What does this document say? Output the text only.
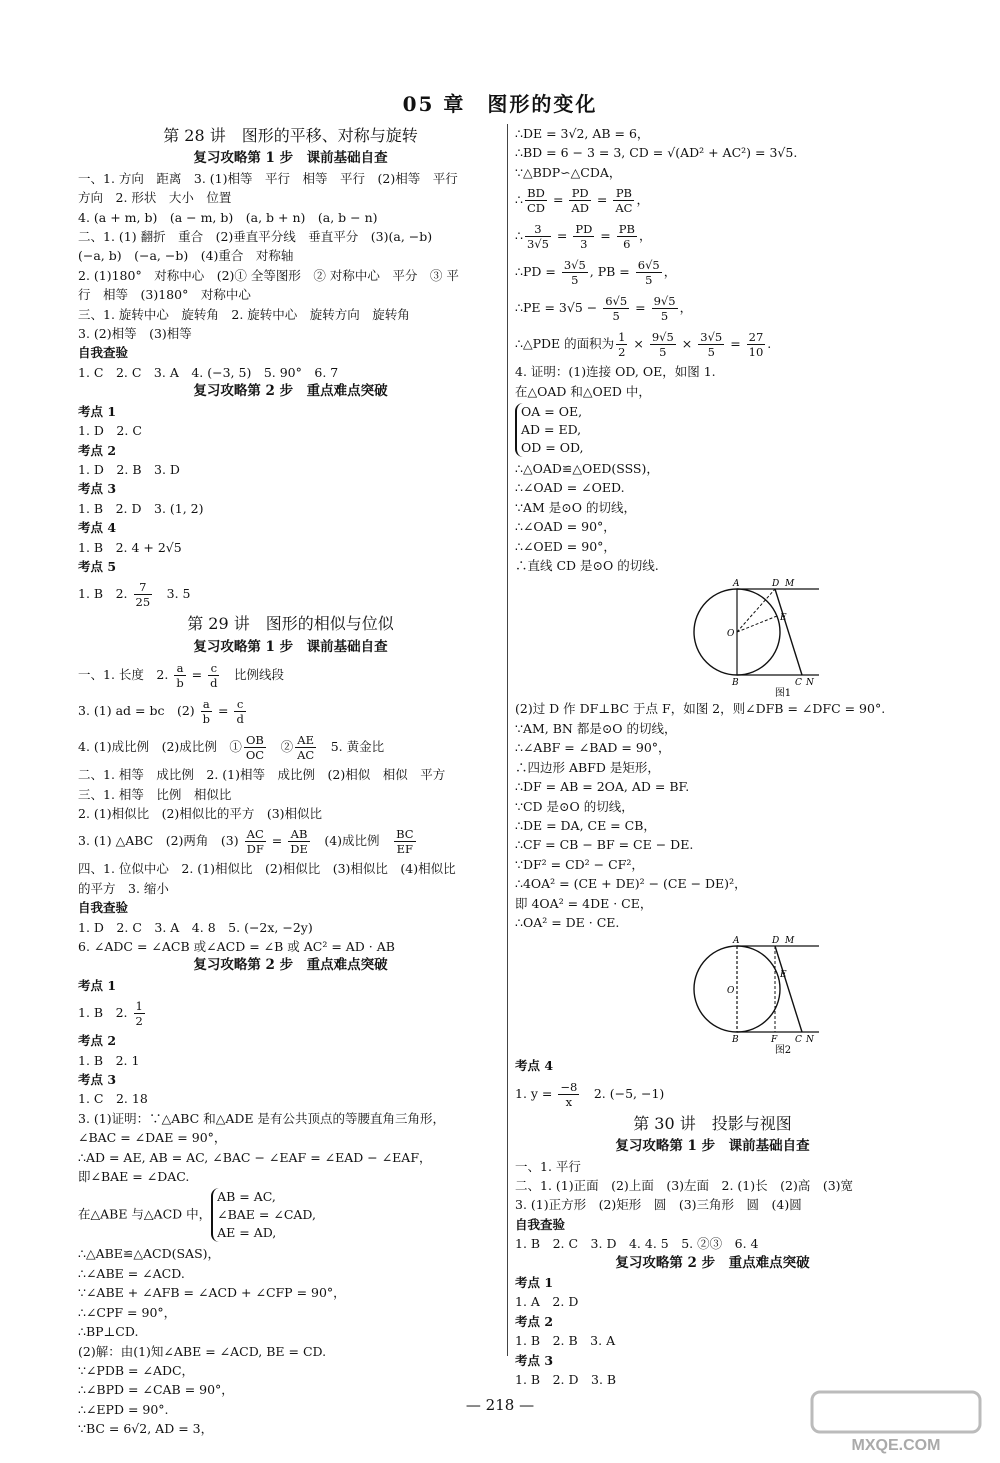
05 章　图形的变化
第 28 讲　图形的平移、对称与旋转
复习攻略第 1 步　课前基础自查
一、1. 方向　距离　3. (1)相等　平行　相等　平行　(2)相等　平行
方向　2. 形状　大小　位置
4. (a + m, b)　(a − m, b)　(a, b + n)　(a, b − n)
二、1. (1) 翻折　重合　(2)垂直平分线　垂直平分　(3)(a, −b)
(−a, b)　(−a, −b)　(4)重合　对称轴
2. (1)180°　对称中心　(2)① 全等图形　② 对称中心　平分　③ 平
行　相等　(3)180°　对称中心
三、1. 旋转中心　旋转角　2. 旋转中心　旋转方向　旋转角
3. (2)相等　(3)相等
自我查验
1. C　2. C　3. A　4. (−3, 5)　5. 90°　6. 7
复习攻略第 2 步　重点难点突破
考点 1
1. D　2. C
考点 2
1. D　2. B　3. D
考点 3
1. B　2. D　3. (1, 2)
考点 4
1. B　2. 4 + 2√5
考点 5
1. B　2. $\frac{7}{25}$ 　3. 5
第 29 讲　图形的相似与位似
复习攻略第 1 步　课前基础自查
一、1. 长度　2. $\frac{a}{b} = \frac{c}{d}$ 　比例线段
3. (1) ad = bc　$(2) \frac{a}{b} = \frac{c}{d}$
4. (1)成比例　(2)成比例　① $\frac{OB}{OC}$ 　② $\frac{AE}{AC}$ 　5. 黄金比
二、1. 相等　成比例　2. (1)相等　成比例　(2)相似　相似　平方
三、1. 相等　比例　相似比
2. (1)相似比　(2)相似比的平方　(3)相似比
3. (1) △ABC　(2)两角　$(3) \frac{AC}{DF} = \frac{AB}{DE}$ 　(4)成比例　 $\frac{BC}{EF}$
四、1. 位似中心　2. (1)相似比　(2)相似比　(3)相似比　(4)相似比
的平方　3. 缩小
自我查验
1. D　2. C　3. A　4. 8　5. (−2x, −2y)
6. ∠ADC = ∠ACB 或∠ACD = ∠B 或 AC² = AD · AB
复习攻略第 2 步　重点难点突破
考点 1
1. B　2. $\frac{1}{2}$
考点 2
1. B　2. 1
考点 3
1. C　2. 18
3. (1)证明：∵△ABC 和△ADE 是有公共顶点的等腰直角三角形，
∠BAC = ∠DAE = 90°，
∴AD = AE, AB = AC, ∠BAC − ∠EAF = ∠EAD − ∠EAF，
即∠BAE = ∠DAC.
在△ABE 与△ACD 中，
AB = AC,
∠BAE = ∠CAD,
AE = AD,
∴△ABE≌△ACD(SAS)，
∴∠ABE = ∠ACD.
∵∠ABE + ∠AFB = ∠ACD + ∠CFP = 90°，
∴∠CPF = 90°，
∴BP⊥CD.
(2)解：由(1)知∠ABE = ∠ACD, BE = CD.
∵∠PDB = ∠ADC，
∴∠BPD = ∠CAB = 90°，
∴∠EPD = 90°.
∵BC = 6√2, AD = 3，
∴DE = 3√2, AB = 6，
∴BD = 6 − 3 = 3, CD = √(AD² + AC²) = 3√5.
∵△BDP∽△CDA，
∴ $\frac{BD}{CD} = \frac{PD}{AD} = \frac{PB}{AC}$ ，
∴ $\frac{3}{3√5} = \frac{PD}{3} = \frac{PB}{6}$ ，
∴PD = $\frac{3√5}{5}$ , PB = $\frac{6√5}{5}$ ，
∴PE = $3√5 - \frac{6√5}{5} = \frac{9√5}{5}$ ，
∴△PDE 的面积为 $\frac{1}{2} \times \frac{9√5}{5} \times \frac{3√5}{5} = \frac{27}{10}$ .
4. 证明：(1)连接 OD, OE，如图 1.
在△OAD 和△OED 中，
OA = OE,
AD = ED,
OD = OD,
∴△OAD≌△OED(SSS)，
∴∠OAD = ∠OED.
∵AM 是⊙O 的切线，
∴∠OAD = 90°，
∴∠OED = 90°，
∴直线 CD 是⊙O 的切线.
A	D M
O
E
B	C N
图1
(2)过 D 作 DF⊥BC 于点 F，如图 2，则∠DFB = ∠DFC = 90°.
∵AM, BN 都是⊙O 的切线，
∴∠ABF = ∠BAD = 90°，
∴四边形 ABFD 是矩形，
∴DF = AB = 2OA, AD = BF.
∵CD 是⊙O 的切线，
∴DE = DA, CE = CB，
∴CF = CB − BF = CE − DE.
∵DF² = CD² − CF²，
∴4OA² = (CE + DE)² − (CE − DE)²，
即 4OA² = 4DE · CE，
∴OA² = DE · CE.
A	D M
O
E
B	C N
F
图2
考点 4
1. $y = \frac{-8}{x}$ 　2. (−5, −1)
第 30 讲　投影与视图
复习攻略第 1 步　课前基础自查
一、1. 平行
二、1. (1)正面　(2)上面　(3)左面　2. (1)长　(2)高　(3)宽
3. (1)正方形　(2)矩形　圆　(3)三角形　圆　(4)圆
自我查验
1. B　2. C　3. D　4. 4. 5　5. ②③　6. 4
复习攻略第 2 步　重点难点突破
考点 1
1. A　2. D
考点 2
1. B　2. B　3. A
考点 3
1. B　2. D　3. B
— 218 —
MXQE.COM
